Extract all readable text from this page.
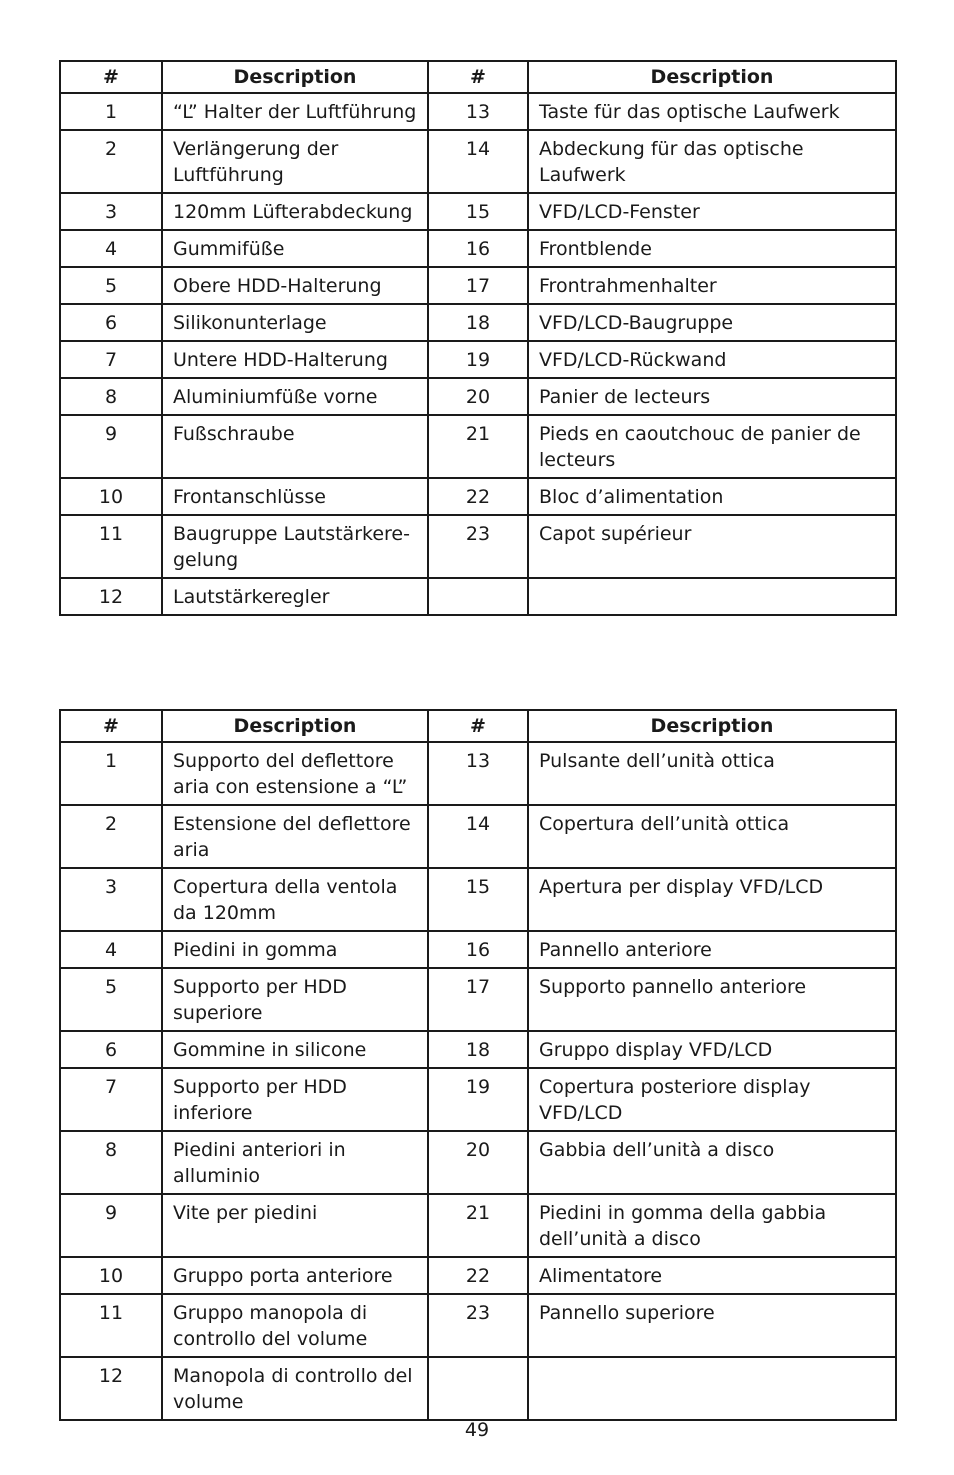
#	Description	#	Description
1	“L” Halter der Luftführung	13	Taste für das optische Laufwerk
2	Verlängerung der Luftführung	14	Abdeckung für das optische Laufwerk
3	120mm Lüfterabdeckung	15	VFD/LCD-Fenster
4	Gummifüße	16	Frontblende
5	Obere HDD-Halterung	17	Frontrahmenhalter
6	Silikonunterlage	18	VFD/LCD-Baugruppe
7	Untere HDD-Halterung	19	VFD/LCD-Rückwand
8	Aluminiumfüße vorne	20	Panier de lecteurs
9	Fußschraube	21	Pieds en caoutchouc de panier de lecteurs
10	Frontanschlüsse	22	Bloc d’alimentation
11	Baugruppe Lautstärkere-gelung	23	Capot supérieur
12	Lautstärkeregler		
#	Description	#	Description
1	Supporto del deflettore aria con estensione a “L”	13	Pulsante dell’unità ottica
2	Estensione del deflettore aria	14	Copertura dell’unità ottica
3	Copertura della ventola da 120mm	15	Apertura per display VFD/LCD
4	Piedini in gomma	16	Pannello anteriore
5	Supporto per HDD superiore	17	Supporto pannello anteriore
6	Gommine in silicone	18	Gruppo display VFD/LCD
7	Supporto per HDD inferiore	19	Copertura posteriore display VFD/LCD
8	Piedini anteriori in alluminio	20	Gabbia dell’unità a disco
9	Vite per piedini	21	Piedini in gomma della gabbia dell’unità a disco
10	Gruppo porta anteriore	22	Alimentatore
11	Gruppo manopola di controllo del volume	23	Pannello superiore
12	Manopola di controllo del volume		
49
